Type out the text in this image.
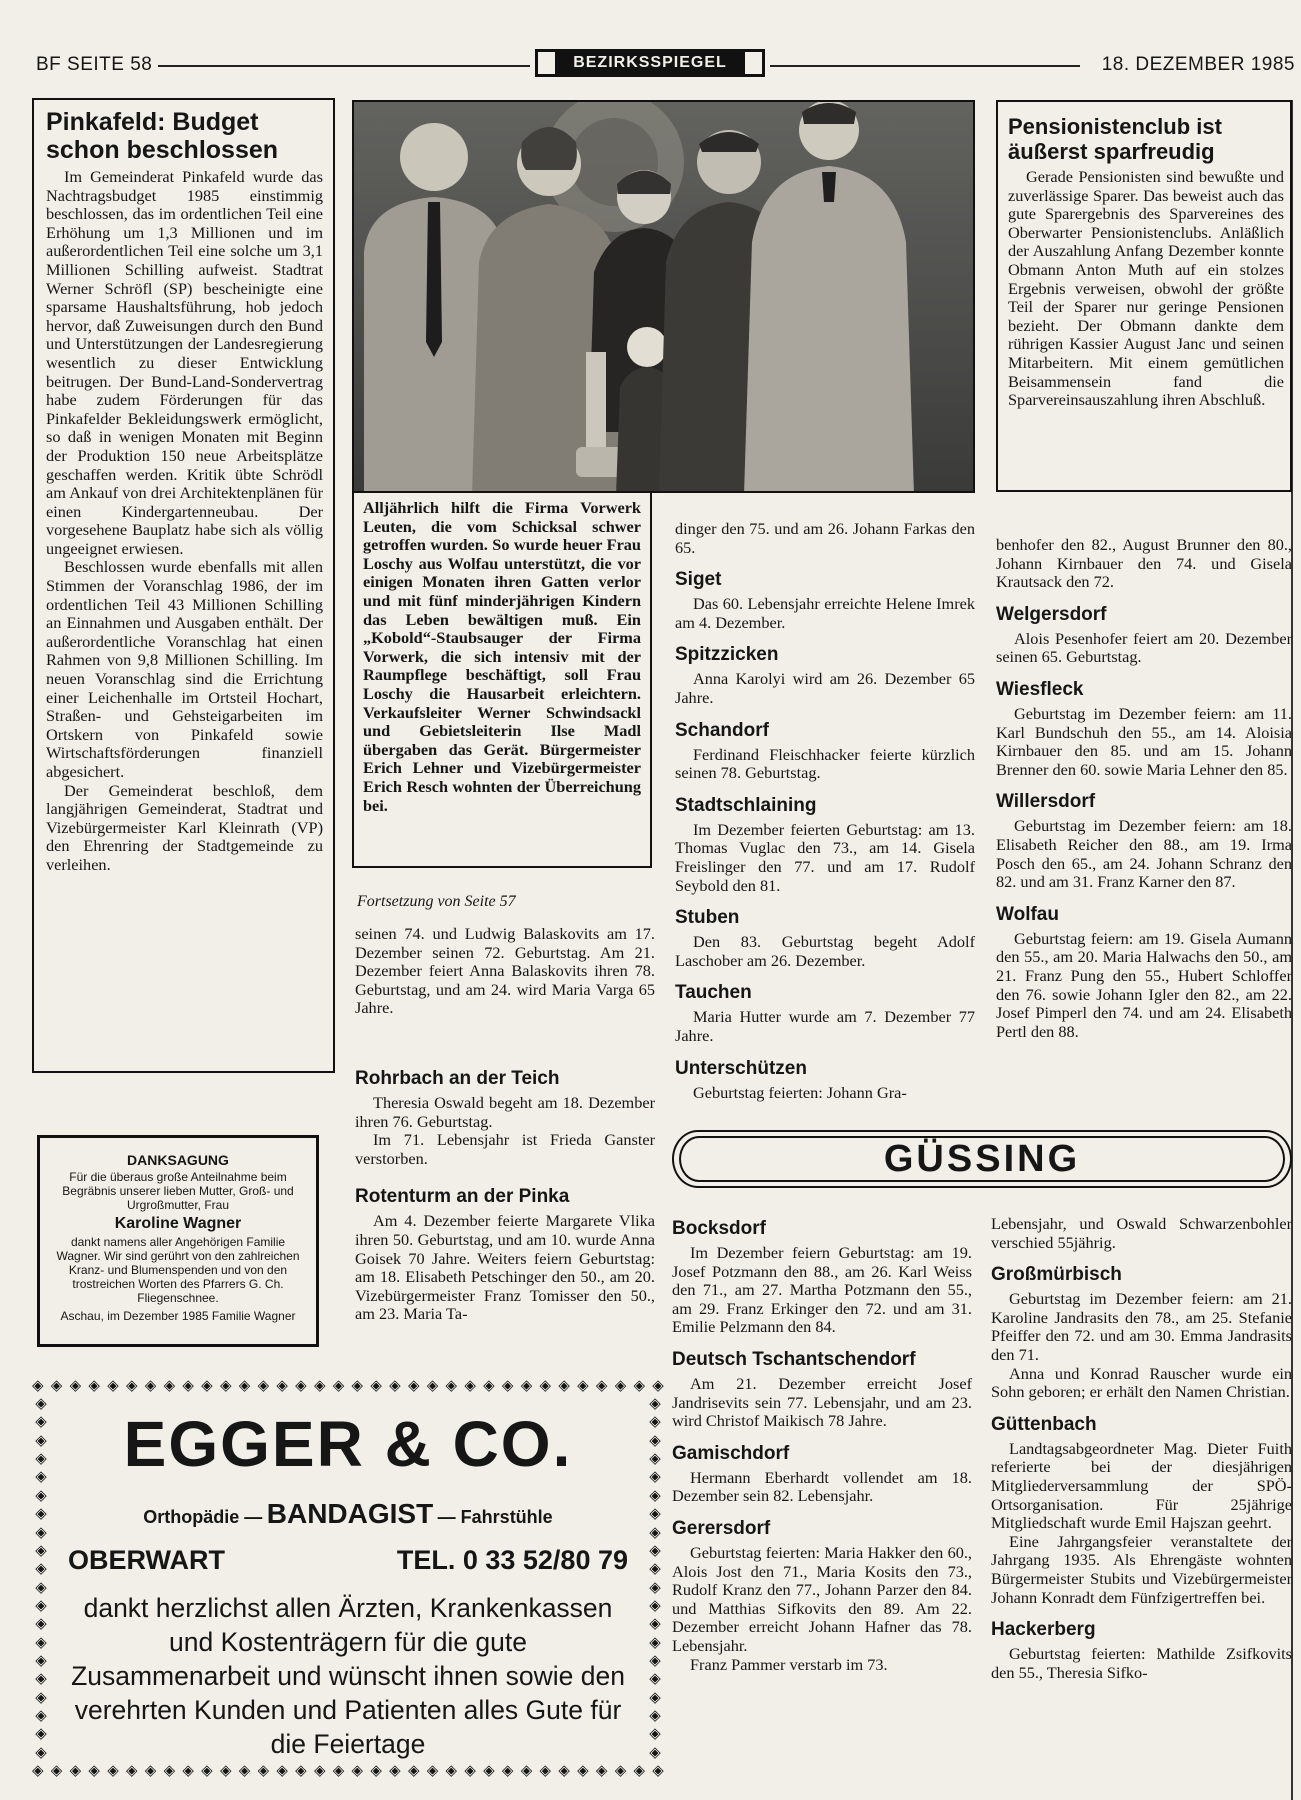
BF SEITE 58	BEZIRKSSPIEGEL	18. DEZEMBER 1985
Pinkafeld: Budget schon beschlossen

Im Gemeinderat Pinkafeld wurde das Nachtragsbudget 1985 einstimmig beschlossen, das im ordentlichen Teil eine Erhöhung um 1,3 Millionen und im außerordentlichen Teil eine solche um 3,1 Millionen Schilling aufweist. Stadtrat Werner Schröfl (SP) bescheinigte eine sparsame Haushaltsführung, hob jedoch hervor, daß Zuweisungen durch den Bund und Unterstützungen der Landesregierung wesentlich zu dieser Entwicklung beitrugen. Der Bund-Land-Sondervertrag habe zudem Förderungen für das Pinkafelder Bekleidungswerk ermöglicht, so daß in wenigen Monaten mit Beginn der Produktion 150 neue Arbeitsplätze geschaffen werden. Kritik übte Schrödl am Ankauf von drei Architektenplänen für einen Kindergartenneubau. Der vorgesehene Bauplatz habe sich als völlig ungeeignet erwiesen.

Beschlossen wurde ebenfalls mit allen Stimmen der Voranschlag 1986, der im ordentlichen Teil 43 Millionen Schilling an Einnahmen und Ausgaben enthält. Der außerordentliche Voranschlag hat einen Rahmen von 9,8 Millionen Schilling. Im neuen Voranschlag sind die Errichtung einer Leichenhalle im Ortsteil Hochart, Straßen- und Gehsteigarbeiten im Ortskern von Pinkafeld sowie Wirtschaftsförderungen finanziell abgesichert.

Der Gemeinderat beschloß, dem langjährigen Gemeinderat, Stadtrat und Vizebürgermeister Karl Kleinrath (VP) den Ehrenring der Stadtgemeinde zu verleihen.

Alljährlich hilft die Firma Vorwerk Leuten, die vom Schicksal schwer getroffen wurden. So wurde heuer Frau Loschy aus Wolfau unterstützt, die vor einigen Monaten ihren Gatten verlor und mit fünf minderjährigen Kindern das Leben bewältigen muß. Ein „Kobold“-Staubsauger der Firma Vorwerk, die sich intensiv mit der Raumpflege beschäftigt, soll Frau Loschy die Hausarbeit erleichtern. Verkaufsleiter Werner Schwindsackl und Gebietsleiterin Ilse Madl übergaben das Gerät. Bürgermeister Erich Lehner und Vizebürgermeister Erich Resch wohnten der Überreichung bei.

Pensionistenclub ist äußerst sparfreudig

Gerade Pensionisten sind bewußte und zuverlässige Sparer. Das beweist auch das gute Sparergebnis des Sparvereines des Oberwarter Pensionistenclubs. Anläßlich der Auszahlung Anfang Dezember konnte Obmann Anton Muth auf ein stolzes Ergebnis verweisen, obwohl der größte Teil der Sparer nur geringe Pensionen bezieht. Der Obmann dankte dem rührigen Kassier August Janc und seinen Mitarbeitern. Mit einem gemütlichen Beisammensein fand die Sparvereinsauszahlung ihren Abschluß.

Fortsetzung von Seite 57

seinen 74. und Ludwig Balaskovits am 17. Dezember seinen 72. Geburtstag. Am 21. Dezember feiert Anna Balaskovits ihren 78. Geburtstag, und am 24. wird Maria Varga 65 Jahre.

Rohrbach an der Teich

Theresia Oswald begeht am 18. Dezember ihren 76. Geburtstag.

Im 71. Lebensjahr ist Frieda Ganster verstorben.

Rotenturm an der Pinka

Am 4. Dezember feierte Margarete Vlika ihren 50. Geburtstag, und am 10. wurde Anna Goisek 70 Jahre. Weiters feiern Geburtstag: am 18. Elisabeth Petschinger den 50., am 20. Vizebürgermeister Franz Tomisser den 50., am 23. Maria Ta-

dinger den 75. und am 26. Johann Farkas den 65.

Siget

Das 60. Lebensjahr erreichte Helene Imrek am 4. Dezember.

Spitzzicken

Anna Karolyi wird am 26. Dezember 65 Jahre.

Schandorf

Ferdinand Fleischhacker feierte kürzlich seinen 78. Geburtstag.

Stadtschlaining

Im Dezember feierten Geburtstag: am 13. Thomas Vuglac den 73., am 14. Gisela Freislinger den 77. und am 17. Rudolf Seybold den 81.

Stuben

Den 83. Geburtstag begeht Adolf Laschober am 26. Dezember.

Tauchen

Maria Hutter wurde am 7. Dezember 77 Jahre.

Unterschützen

Geburtstag feierten: Johann Gra-

benhofer den 82., August Brunner den 80., Johann Kirnbauer den 74. und Gisela Krautsack den 72.

Welgersdorf

Alois Pesenhofer feiert am 20. Dezember seinen 65. Geburtstag.

Wiesfleck

Geburtstag im Dezember feiern: am 11. Karl Bundschuh den 55., am 14. Aloisia Kirnbauer den 85. und am 15. Johann Brenner den 60. sowie Maria Lehner den 85.

Willersdorf

Geburtstag im Dezember feiern: am 18. Elisabeth Reicher den 88., am 19. Irma Posch den 65., am 24. Johann Schranz den 82. und am 31. Franz Karner den 87.

Wolfau

Geburtstag feiern: am 19. Gisela Aumann den 55., am 20. Maria Halwachs den 50., am 21. Franz Pung den 55., Hubert Schloffer den 76. sowie Johann Igler den 82., am 22. Josef Pimperl den 74. und am 24. Elisabeth Pertl den 88.

GÜSSING
Bocksdorf

Im Dezember feiern Geburtstag: am 19. Josef Potzmann den 88., am 26. Karl Weiss den 71., am 27. Martha Potzmann den 55., am 29. Franz Erkinger den 72. und am 31. Emilie Pelzmann den 84.

Deutsch Tschantschendorf

Am 21. Dezember erreicht Josef Jandrisevits sein 77. Lebensjahr, und am 23. wird Christof Maikisch 78 Jahre.

Gamischdorf

Hermann Eberhardt vollendet am 18. Dezember sein 82. Lebensjahr.

Gerersdorf

Geburtstag feierten: Maria Hakker den 60., Alois Jost den 71., Maria Kosits den 73., Rudolf Kranz den 77., Johann Parzer den 84. und Matthias Sifkovits den 89. Am 22. Dezember erreicht Johann Hafner das 78. Lebensjahr.

Franz Pammer verstarb im 73.

Lebensjahr, und Oswald Schwarzenbohler verschied 55jährig.

Großmürbisch

Geburtstag im Dezember feiern: am 21. Karoline Jandrasits den 78., am 25. Stefanie Pfeiffer den 72. und am 30. Emma Jandrasits den 71.

Anna und Konrad Rauscher wurde ein Sohn geboren; er erhält den Namen Christian.

Güttenbach

Landtagsabgeordneter Mag. Dieter Fuith referierte bei der diesjährigen Mitgliederversammlung der SPÖ-Ortsorganisation. Für 25jährige Mitgliedschaft wurde Emil Hajszan geehrt.

Eine Jahrgangsfeier veranstaltete der Jahrgang 1935. Als Ehrengäste wohnten Bürgermeister Stubits und Vizebürgermeister Johann Konradt dem Fünfzigertreffen bei.

Hackerberg

Geburtstag feierten: Mathilde Zsifkovits den 55., Theresia Sifko-

DANKSAGUNG

Für die überaus große Anteilnahme beim Begräbnis unserer lieben Mutter, Groß- und Urgroßmutter, Frau

Karoline Wagner

dankt namens aller Angehörigen Familie Wagner. Wir sind gerührt von den zahlreichen Kranz- und Blumenspenden und von den trostreichen Worten des Pfarrers G. Ch. Fliegenschnee.

Aschau, im Dezember 1985 Familie Wagner

◈ ◈ ◈ ◈ ◈ ◈ ◈ ◈ ◈ ◈ ◈ ◈ ◈ ◈ ◈ ◈ ◈ ◈ ◈ ◈ ◈ ◈ ◈ ◈ ◈ ◈ ◈ ◈ ◈ ◈ ◈ ◈ ◈ ◈
◈ ◈ ◈ ◈ ◈ ◈ ◈ ◈ ◈ ◈ ◈ ◈ ◈ ◈ ◈ ◈ ◈ ◈ ◈ ◈ ◈ ◈ ◈ ◈ ◈ ◈ ◈ ◈ ◈ ◈ ◈ ◈ ◈ ◈
◈
◈
◈
◈
◈
◈
◈
◈
◈
◈
◈
◈
◈
◈
◈
◈
◈
◈
◈
◈
◈
◈
◈
◈
◈
◈
◈
◈
◈
◈
◈
◈
◈
◈
◈
◈
◈
◈
◈
◈
EGGER & CO.
Orthopädie — BANDAGIST — Fahrstühle
OBERWART	TEL. 0 33 52/80 79
dankt herzlichst allen Ärzten, Krankenkassen und Kostenträgern für die gute Zusammenarbeit und wünscht ihnen sowie den verehrten Kunden und Patienten alles Gute für die Feiertage
